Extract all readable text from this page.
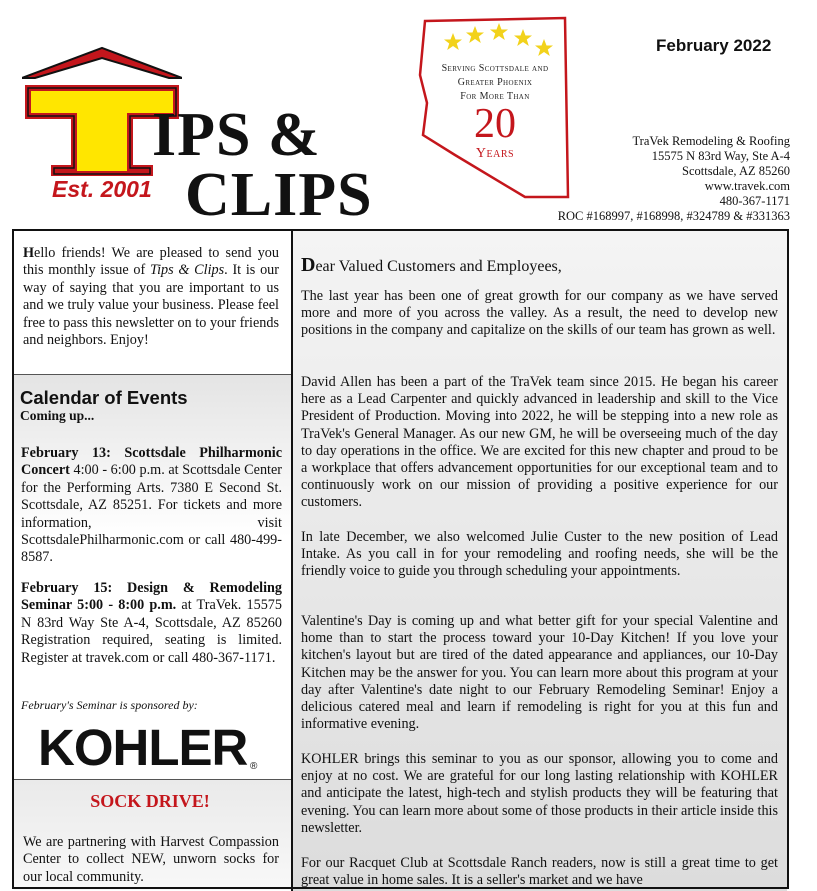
IPS &
CLIPS
Est. 2001
Serving Scottsdale and
Greater Phoenix
For More Than
20
Years
February 2022
TraVek Remodeling & Roofing
15575 N 83rd Way, Ste A-4
Scottsdale, AZ 85260
www.travek.com
480-367-1171
ROC #168997, #168998, #324789 & #331363
Hello friends! We are pleased to send you this monthly issue of Tips & Clips. It is our way of saying that you are important to us and we truly value your business. Please feel free to pass this newsletter on to your friends and neighbors. Enjoy!
Calendar of Events
Coming up...
February 13: Scottsdale Philharmonic Concert 4:00 - 6:00 p.m. at Scottsdale Center for the Performing Arts. 7380 E Second St. Scottsdale, AZ 85251. For tickets and more information, visit ScottsdalePhilharmonic.com or call 480-499-8587.
February 15: Design & Remodeling Seminar 5:00 - 8:00 p.m. at TraVek. 15575 N 83rd Way Ste A-4, Scottsdale, AZ 85260 Registration required, seating is limited. Register at travek.com or call 480-367-1171.
February's Seminar is sponsored by:
KOHLER ®
SOCK DRIVE!
We are partnering with Harvest Compassion Center to collect NEW, unworn socks for our local community.
Dear Valued Customers and Employees,
The last year has been one of great growth for our company as we have served more and more of you across the valley. As a result, the need to develop new positions in the company and capitalize on the skills of our team has grown as well.
David Allen has been a part of the TraVek team since 2015. He began his career here as a Lead Carpenter and quickly advanced in leadership and skill to the Vice President of Production. Moving into 2022, he will be stepping into a new role as TraVek's General Manager. As our new GM, he will be overseeing much of the day to day operations in the office. We are excited for this new chapter and proud to be a workplace that offers advancement opportunities for our exceptional team and to continuously work on our mission of providing a positive experience for our customers.
In late December, we also welcomed Julie Custer to the new position of Lead Intake. As you call in for your remodeling and roofing needs, she will be the friendly voice to guide you through scheduling your appointments.
Valentine's Day is coming up and what better gift for your special Valentine and home than to start the process toward your 10-Day Kitchen! If you love your kitchen's layout but are tired of the dated appearance and appliances, our 10-Day Kitchen may be the answer for you. You can learn more about this program at your day after Valentine's date night to our February Remodeling Seminar! Enjoy a delicious catered meal and learn if remodeling is right for you at this fun and informative evening.
KOHLER brings this seminar to you as our sponsor, allowing you to come and enjoy at no cost. We are grateful for our long lasting relationship with KOHLER and anticipate the latest, high-tech and stylish products they will be featuring that evening. You can learn more about some of those products in their article inside this newsletter.
For our Racquet Club at Scottsdale Ranch readers, now is still a great time to get great value in home sales. It is a seller's market and we have
